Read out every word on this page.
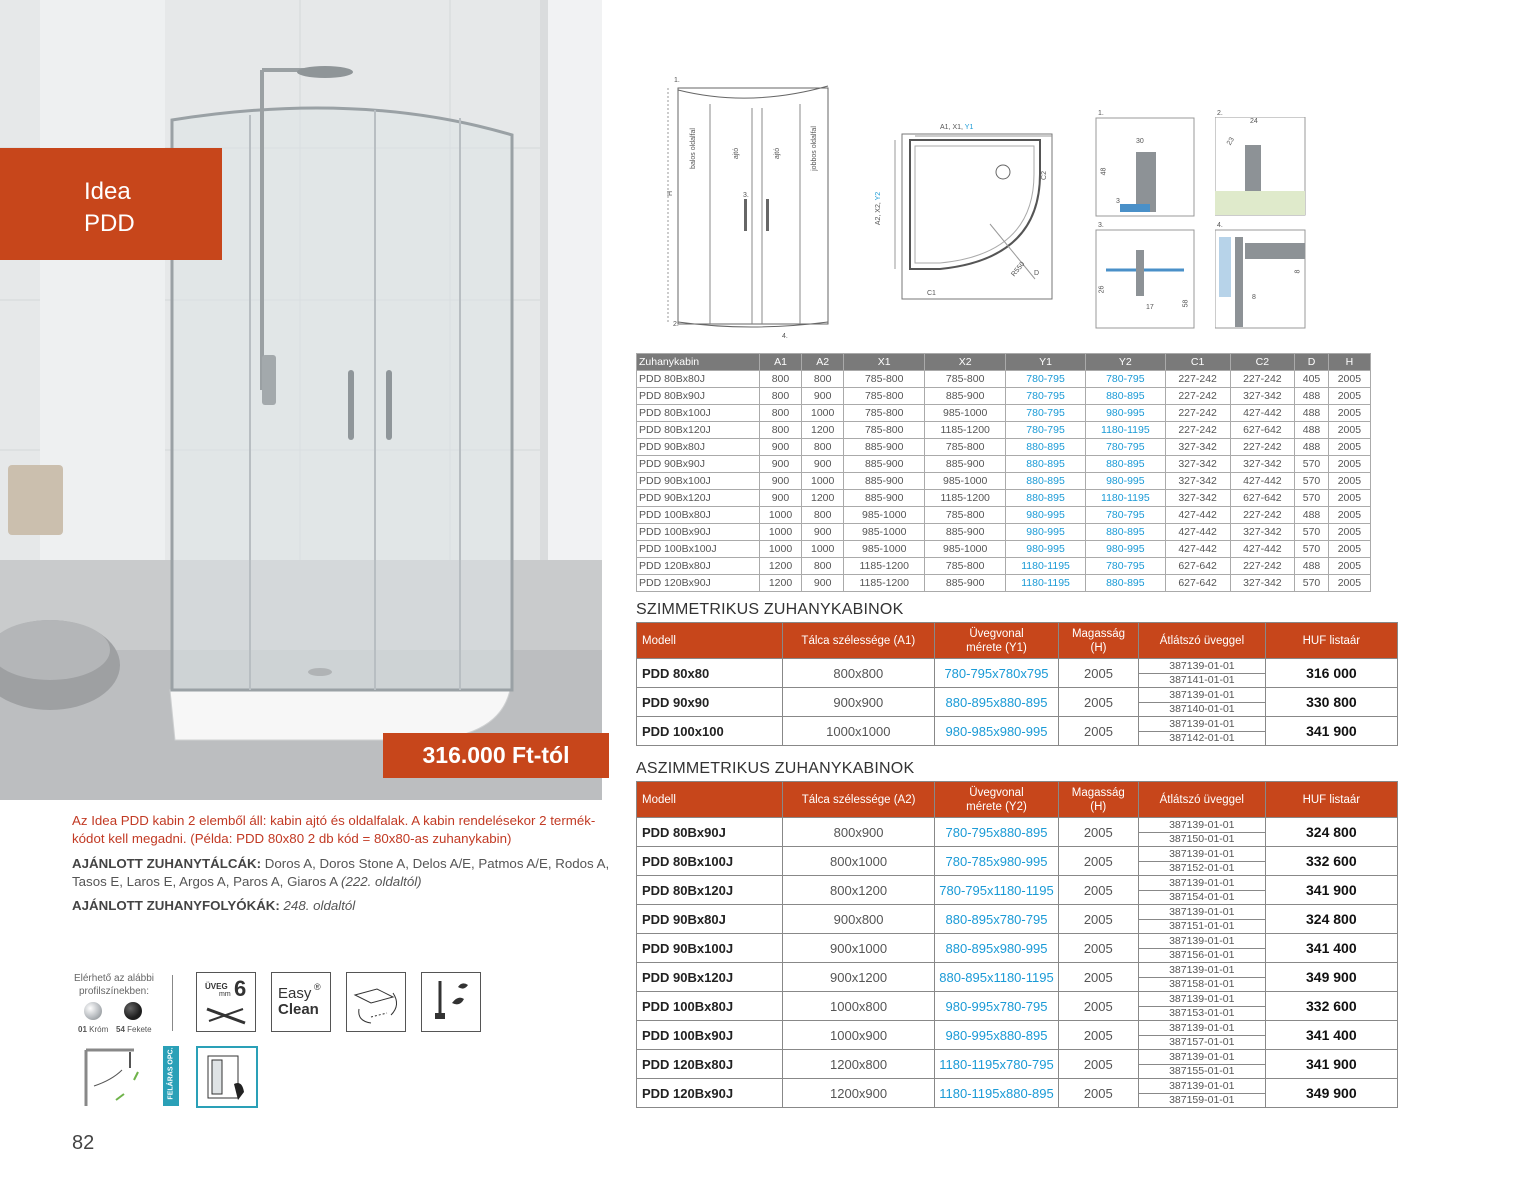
Idea
PDD
316.000 Ft-tól
Az Idea PDD kabin 2 elemből áll: kabin ajtó és oldalfalak. A kabin rendelésekor 2 termék-kódot kell megadni. (Példa: PDD 80x80 2 db kód = 80x80-as zuhanykabin)
AJÁNLOTT ZUHANYTÁLCÁK: Doros A, Doros Stone A, Delos A/E, Patmos A/E, Rodos A, Tasos E, Laros E, Argos A, Paros A, Giaros A (222. oldaltól)
AJÁNLOTT ZUHANYFOLYÓKÁK: 248. oldaltól
Elérhető az alábbi profilszínekben:
01 Króm 54 Fekete
ÜVEG
mm 6 Easy ®
Clean
FELÁRAS OPC.
82
1.
2.
3.
4.
1.	2.
3.	4.
H
balos oldalfal	ajtó	ajtó	jobbos oldalfal	A1, X1, Y1
A2, X2, Y2
C2
C1
R550 D
30
48
3
24
23
26
17
58
8
8
Zuhanykabin	A1	A2	X1	X2	Y1	Y2	C1	C2	D	H
PDD 80Bx80J	800	800	785-800	785-800	780-795	780-795	227-242	227-242	405	2005
PDD 80Bx90J	800	900	785-800	885-900	780-795	880-895	227-242	327-342	488	2005
PDD 80Bx100J	800	1000	785-800	985-1000	780-795	980-995	227-242	427-442	488	2005
PDD 80Bx120J	800	1200	785-800	1185-1200	780-795	1180-1195	227-242	627-642	488	2005
PDD 90Bx80J	900	800	885-900	785-800	880-895	780-795	327-342	227-242	488	2005
PDD 90Bx90J	900	900	885-900	885-900	880-895	880-895	327-342	327-342	570	2005
PDD 90Bx100J	900	1000	885-900	985-1000	880-895	980-995	327-342	427-442	570	2005
PDD 90Bx120J	900	1200	885-900	1185-1200	880-895	1180-1195	327-342	627-642	570	2005
PDD 100Bx80J	1000	800	985-1000	785-800	980-995	780-795	427-442	227-242	488	2005
PDD 100Bx90J	1000	900	985-1000	885-900	980-995	880-895	427-442	327-342	570	2005
PDD 100Bx100J	1000	1000	985-1000	985-1000	980-995	980-995	427-442	427-442	570	2005
PDD 120Bx80J	1200	800	1185-1200	785-800	1180-1195	780-795	627-642	227-242	488	2005
PDD 120Bx90J	1200	900	1185-1200	885-900	1180-1195	880-895	627-642	327-342	570	2005
SZIMMETRIKUS ZUHANYKABINOK
Modell	Tálca szélessége (A1)	Üvegvonal
mérete (Y1)	Magasság
(H)	Átlátszó üveggel	HUF listaár
PDD 80x80	800x800	780-795x780x795	2005	387139-01-01
387141-01-01	316 000
PDD 90x90	900x900	880-895x880-895	2005	387139-01-01
387140-01-01	330 800
PDD 100x100	1000x1000	980-985x980-995	2005	387139-01-01
387142-01-01	341 900
ASZIMMETRIKUS ZUHANYKABINOK
Modell	Tálca szélessége (A2)	Üvegvonal
mérete (Y2)	Magasság
(H)	Átlátszó üveggel	HUF listaár
PDD 80Bx90J	800x900	780-795x880-895	2005	387139-01-01
387150-01-01	324 800
PDD 80Bx100J	800x1000	780-785x980-995	2005	387139-01-01
387152-01-01	332 600
PDD 80Bx120J	800x1200	780-795x1180-1195	2005	387139-01-01
387154-01-01	341 900
PDD 90Bx80J	900x800	880-895x780-795	2005	387139-01-01
387151-01-01	324 800
PDD 90Bx100J	900x1000	880-895x980-995	2005	387139-01-01
387156-01-01	341 400
PDD 90Bx120J	900x1200	880-895x1180-1195	2005	387139-01-01
387158-01-01	349 900
PDD 100Bx80J	1000x800	980-995x780-795	2005	387139-01-01
387153-01-01	332 600
PDD 100Bx90J	1000x900	980-995x880-895	2005	387139-01-01
387157-01-01	341 400
PDD 120Bx80J	1200x800	1180-1195x780-795	2005	387139-01-01
387155-01-01	341 900
PDD 120Bx90J	1200x900	1180-1195x880-895	2005	387139-01-01
387159-01-01	349 900
